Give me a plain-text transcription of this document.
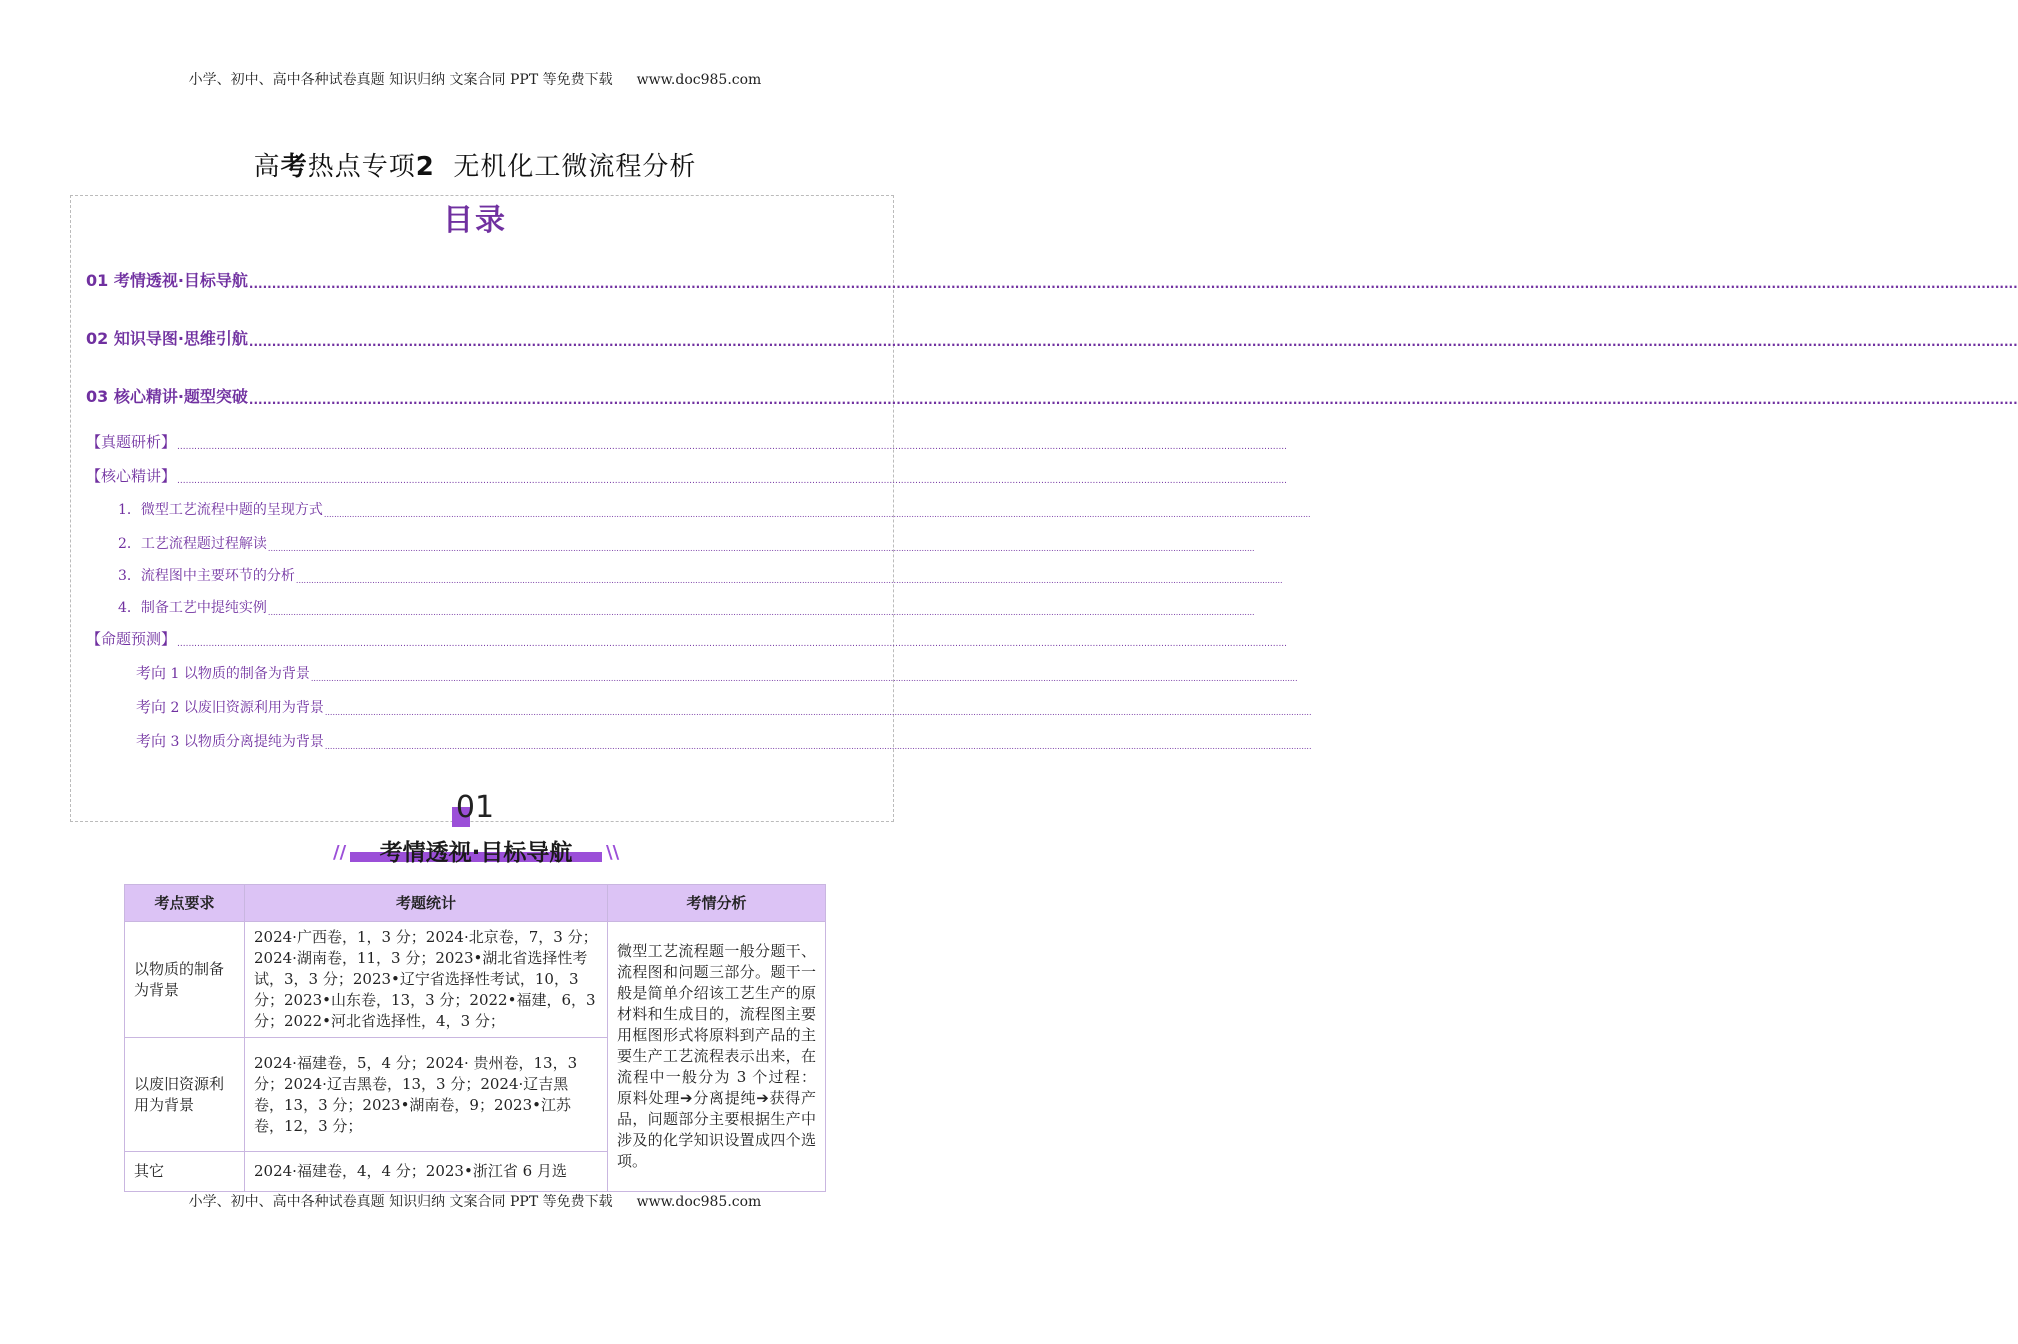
小学、初中、高中各种试卷真题 知识归纳 文案合同 PPT 等免费下载 www.doc985.com
高考热点专项2  无机化工微流程分析
目录
01 考情透视·目标导航 ....................................................................................................................................................................................................................................................................................................................................................................................................
02 知识导图·思维引航 ....................................................................................................................................................................................................................................................................................................................................................................................................
03 核心精讲·题型突破 ....................................................................................................................................................................................................................................................................................................................................................................................................
【真题研析】 ....................................................................................................................................................................................................................................................................................................................................................................................................
【核心精讲】 ....................................................................................................................................................................................................................................................................................................................................................................................................
1．微型工艺流程中题的呈现方式 ....................................................................................................................................................................................................................................................................................................................................................................................................
2．工艺流程题过程解读 ....................................................................................................................................................................................................................................................................................................................................................................................................
3．流程图中主要环节的分析 ....................................................................................................................................................................................................................................................................................................................................................................................................
4．制备工艺中提纯实例 ....................................................................................................................................................................................................................................................................................................................................................................................................
【命题预测】 ....................................................................................................................................................................................................................................................................................................................................................................................................
考向 1 以物质的制备为背景 ....................................................................................................................................................................................................................................................................................................................................................................................................
考向 2 以废旧资源利用为背景 ....................................................................................................................................................................................................................................................................................................................................................................................................
考向 3 以物质分离提纯为背景 ....................................................................................................................................................................................................................................................................................................................................................................................................
01
//	考情透视·目标导航	\\
考点要求	考题统计	考情分析
以物质的制备为背景	2024·广西卷，1，3 分；2024·北京卷，7，3 分；2024·湖南卷，11，3 分；2023•湖北省选择性考试，3，3 分；2023•辽宁省选择性考试，10，3 分；2023•山东卷，13，3 分；2022•福建，6，3 分；2022•河北省选择性，4，3 分；	微型工艺流程题一般分题干、流程图和问题三部分。题干一般是简单介绍该工艺生产的原材料和生成目的，流程图主要用框图形式将原料到产品的主要生产工艺流程表示出来，在流程中一般分为 3 个过程：原料处理➔分离提纯➔获得产品，问题部分主要根据生产中涉及的化学知识设置成四个选项。
以废旧资源利用为背景	2024·福建卷，5，4 分；2024· 贵州卷，13，3 分；2024·辽吉黑卷，13，3 分；2024·辽吉黑卷，13，3 分；2023•湖南卷，9；2023•江苏卷，12，3 分；	
其它	2024·福建卷，4，4 分；2023•浙江省 6 月选	
小学、初中、高中各种试卷真题 知识归纳 文案合同 PPT 等免费下载 www.doc985.com
